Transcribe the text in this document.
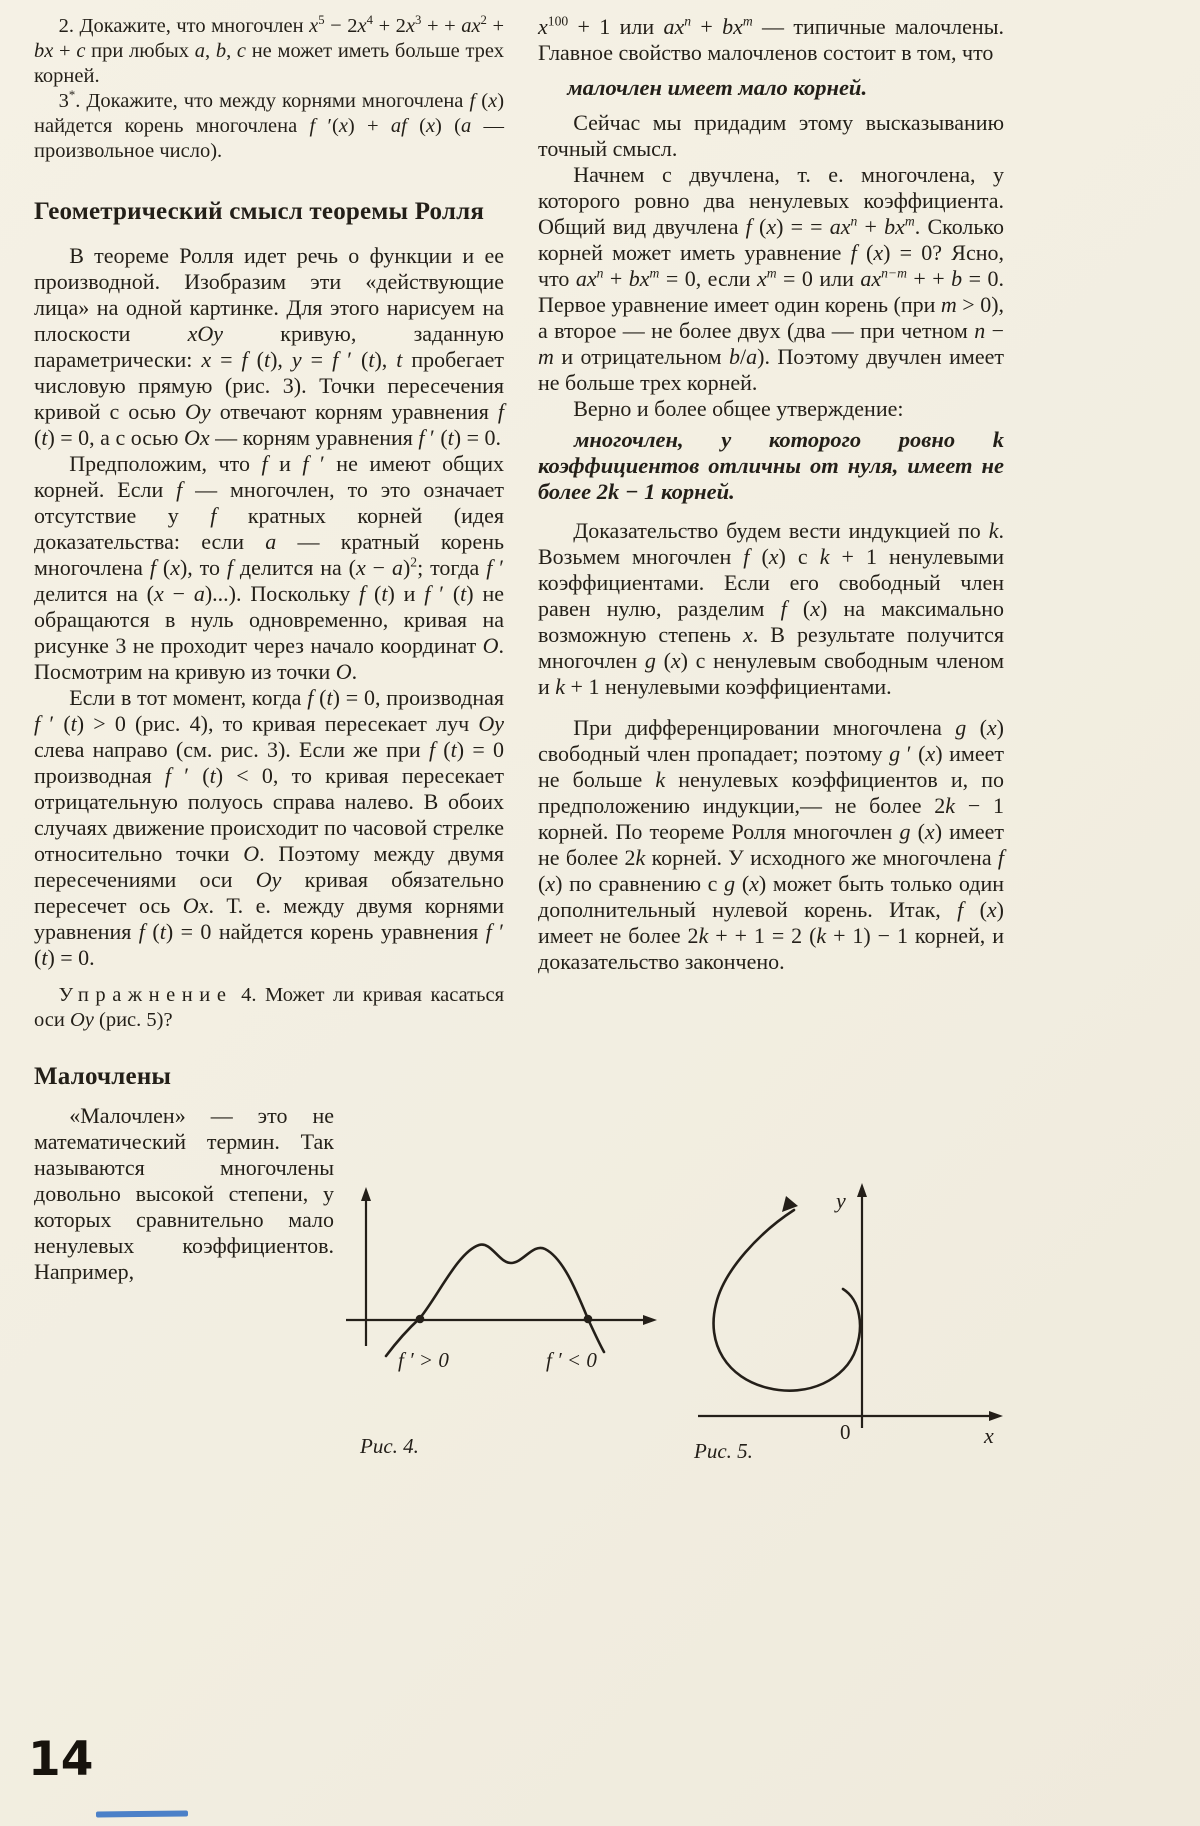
2. Докажите, что многочлен $x^5 - 2x^4 + 2x^3$ + + $ax^2$ + bx + c при любых a, b, c не может иметь больше трех корней.

3*. Докажите, что между корнями многочлена f (x) найдется корень многочлена f ′(x) + af (x) (a — произвольное число).

Геометрический смысл теоремы Ролля

В теореме Ролля идет речь о функции и ее производной. Изобразим эти «действующие лица» на одной картинке. Для этого нарисуем на плоскости xOy кривую, заданную параметрически: x = f (t), y = f ′ (t), t пробегает числовую прямую (рис. 3). Точки пересечения кривой с осью Oy отвечают корням уравнения f (t) = 0, а с осью Ox — корням уравнения f ′ (t) = 0.

Предположим, что f и f ′ не имеют общих корней. Если f — многочлен, то это означает отсутствие у f кратных корней (идея доказательства: если a — кратный корень многочлена f (x), то f делится на $(x - a)^2$; тогда f ′ делится на (x − a)...). Поскольку f (t) и f ′ (t) не обращаются в нуль одновременно, кривая на рисунке 3 не проходит через начало координат O. Посмотрим на кривую из точки O.

Если в тот момент, когда f (t) = 0, производная f ′ (t) > 0 (рис. 4), то кривая пересекает луч Oy слева направо (см. рис. 3). Если же при f (t) = 0 производная f ′ (t) < 0, то кривая пересекает отрицательную полуось справа налево. В обоих случаях движение происходит по часовой стрелке относительно точки O. Поэтому между двумя пересечениями оси Oy кривая обязательно пересечет ось Ox. Т. е. между двумя корнями уравнения f (t) = 0 найдется корень уравнения f ′ (t) = 0.

Упражнение 4. Может ли кривая касаться оси Oy (рис. 5)?

Малочлены

«Малочлен» — это не математический термин. Так называются многочлены довольно высокой степени, у которых сравнительно мало ненулевых коэффициентов. Например,

$x^{100} + 1$ или $ax^n + bx^m$ — типичные малочлены. Главное свойство малочленов состоит в том, что

малочлен имеет мало корней.

Сейчас мы придадим этому высказыванию точный смысл.

Начнем с двучлена, т. е. многочлена, у которого ровно два ненулевых коэффициента. Общий вид двучлена f (x) = = $ax^n + bx^m$. Сколько корней может иметь уравнение f (x) = 0? Ясно, что $ax^n + bx^m = 0$, если $x^m = 0$ или $ax^{n-m}$ + + b = 0. Первое уравнение имеет один корень (при m > 0), а второе — не более двух (два — при четном n − m и отрицательном b/a). Поэтому двучлен имеет не больше трех корней.

Верно и более общее утверждение:

многочлен, у которого ровно k коэффициентов отличны от нуля, имеет не более 2k − 1 корней.

Доказательство будем вести индукцией по k. Возьмем многочлен f (x) с k + 1 ненулевыми коэффициентами. Если его свободный член равен нулю, разделим f (x) на максимально возможную степень x. В результате получится многочлен g (x) с ненулевым свободным членом и k + 1 ненулевыми коэффициентами.

При дифференцировании многочлена g (x) свободный член пропадает; поэтому g ′ (x) имеет не больше k ненулевых коэффициентов и, по предположению индукции,— не более 2k − 1 корней. По теореме Ролля многочлен g (x) имеет не более 2k корней. У исходного же многочлена f (x) по сравнению с g (x) может быть только один дополнительный нулевой корень. Итак, f (x) имеет не более 2k + + 1 = 2 (k + 1) − 1 корней, и доказательство закончено.

f ′ > 0	f ′ < 0
Рис. 4.
y
x
0
Рис. 5.
14
